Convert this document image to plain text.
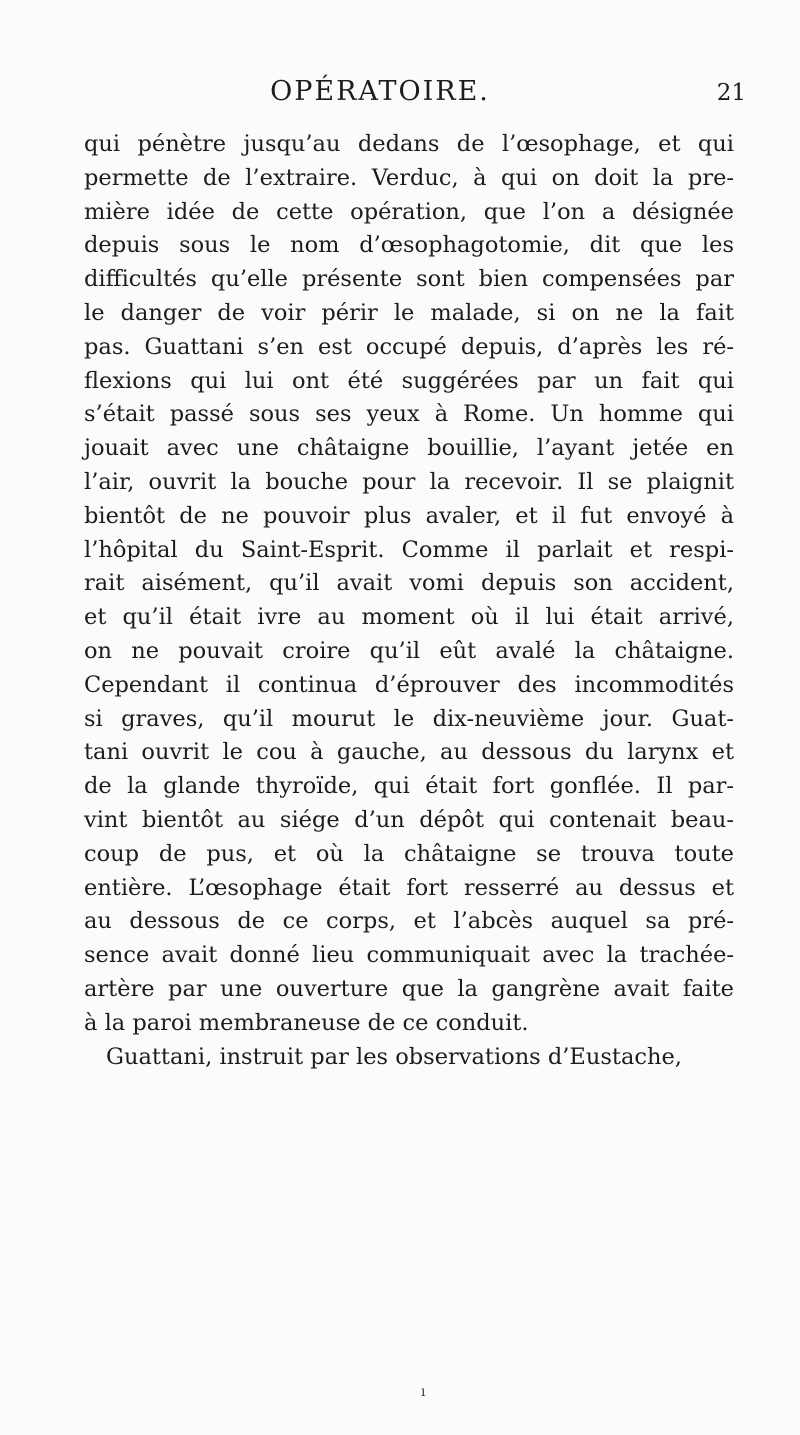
OPÉRATOIRE.	21
qui pénètre jusqu’au dedans de l’œsophage, et qui
permette de l’extraire. Verduc, à qui on doit la pre-
mière idée de cette opération, que l’on a désignée
depuis sous le nom d’œsophagotomie, dit que les
difficultés qu’elle présente sont bien compensées par
le danger de voir périr le malade, si on ne la fait
pas. Guattani s’en est occupé depuis, d’après les ré-
flexions qui lui ont été suggérées par un fait qui
s’était passé sous ses yeux à Rome. Un homme qui
jouait avec une châtaigne bouillie, l’ayant jetée en
l’air, ouvrit la bouche pour la recevoir. Il se plaignit
bientôt de ne pouvoir plus avaler, et il fut envoyé à
l’hôpital du Saint-Esprit. Comme il parlait et respi-
rait aisément, qu’il avait vomi depuis son accident,
et qu’il était ivre au moment où il lui était arrivé,
on ne pouvait croire qu’il eût avalé la châtaigne.
Cependant il continua d’éprouver des incommodités
si graves, qu’il mourut le dix-neuvième jour. Guat-
tani ouvrit le cou à gauche, au dessous du larynx et
de la glande thyroïde, qui était fort gonflée. Il par-
vint bientôt au siége d’un dépôt qui contenait beau-
coup de pus, et où la châtaigne se trouva toute
entière. L’œsophage était fort resserré au dessus et
au dessous de ce corps, et l’abcès auquel sa pré-
sence avait donné lieu communiquait avec la trachée-
artère par une ouverture que la gangrène avait faite
à la paroi membraneuse de ce conduit.
Guattani, instruit par les observations d’Eustache,
ı
